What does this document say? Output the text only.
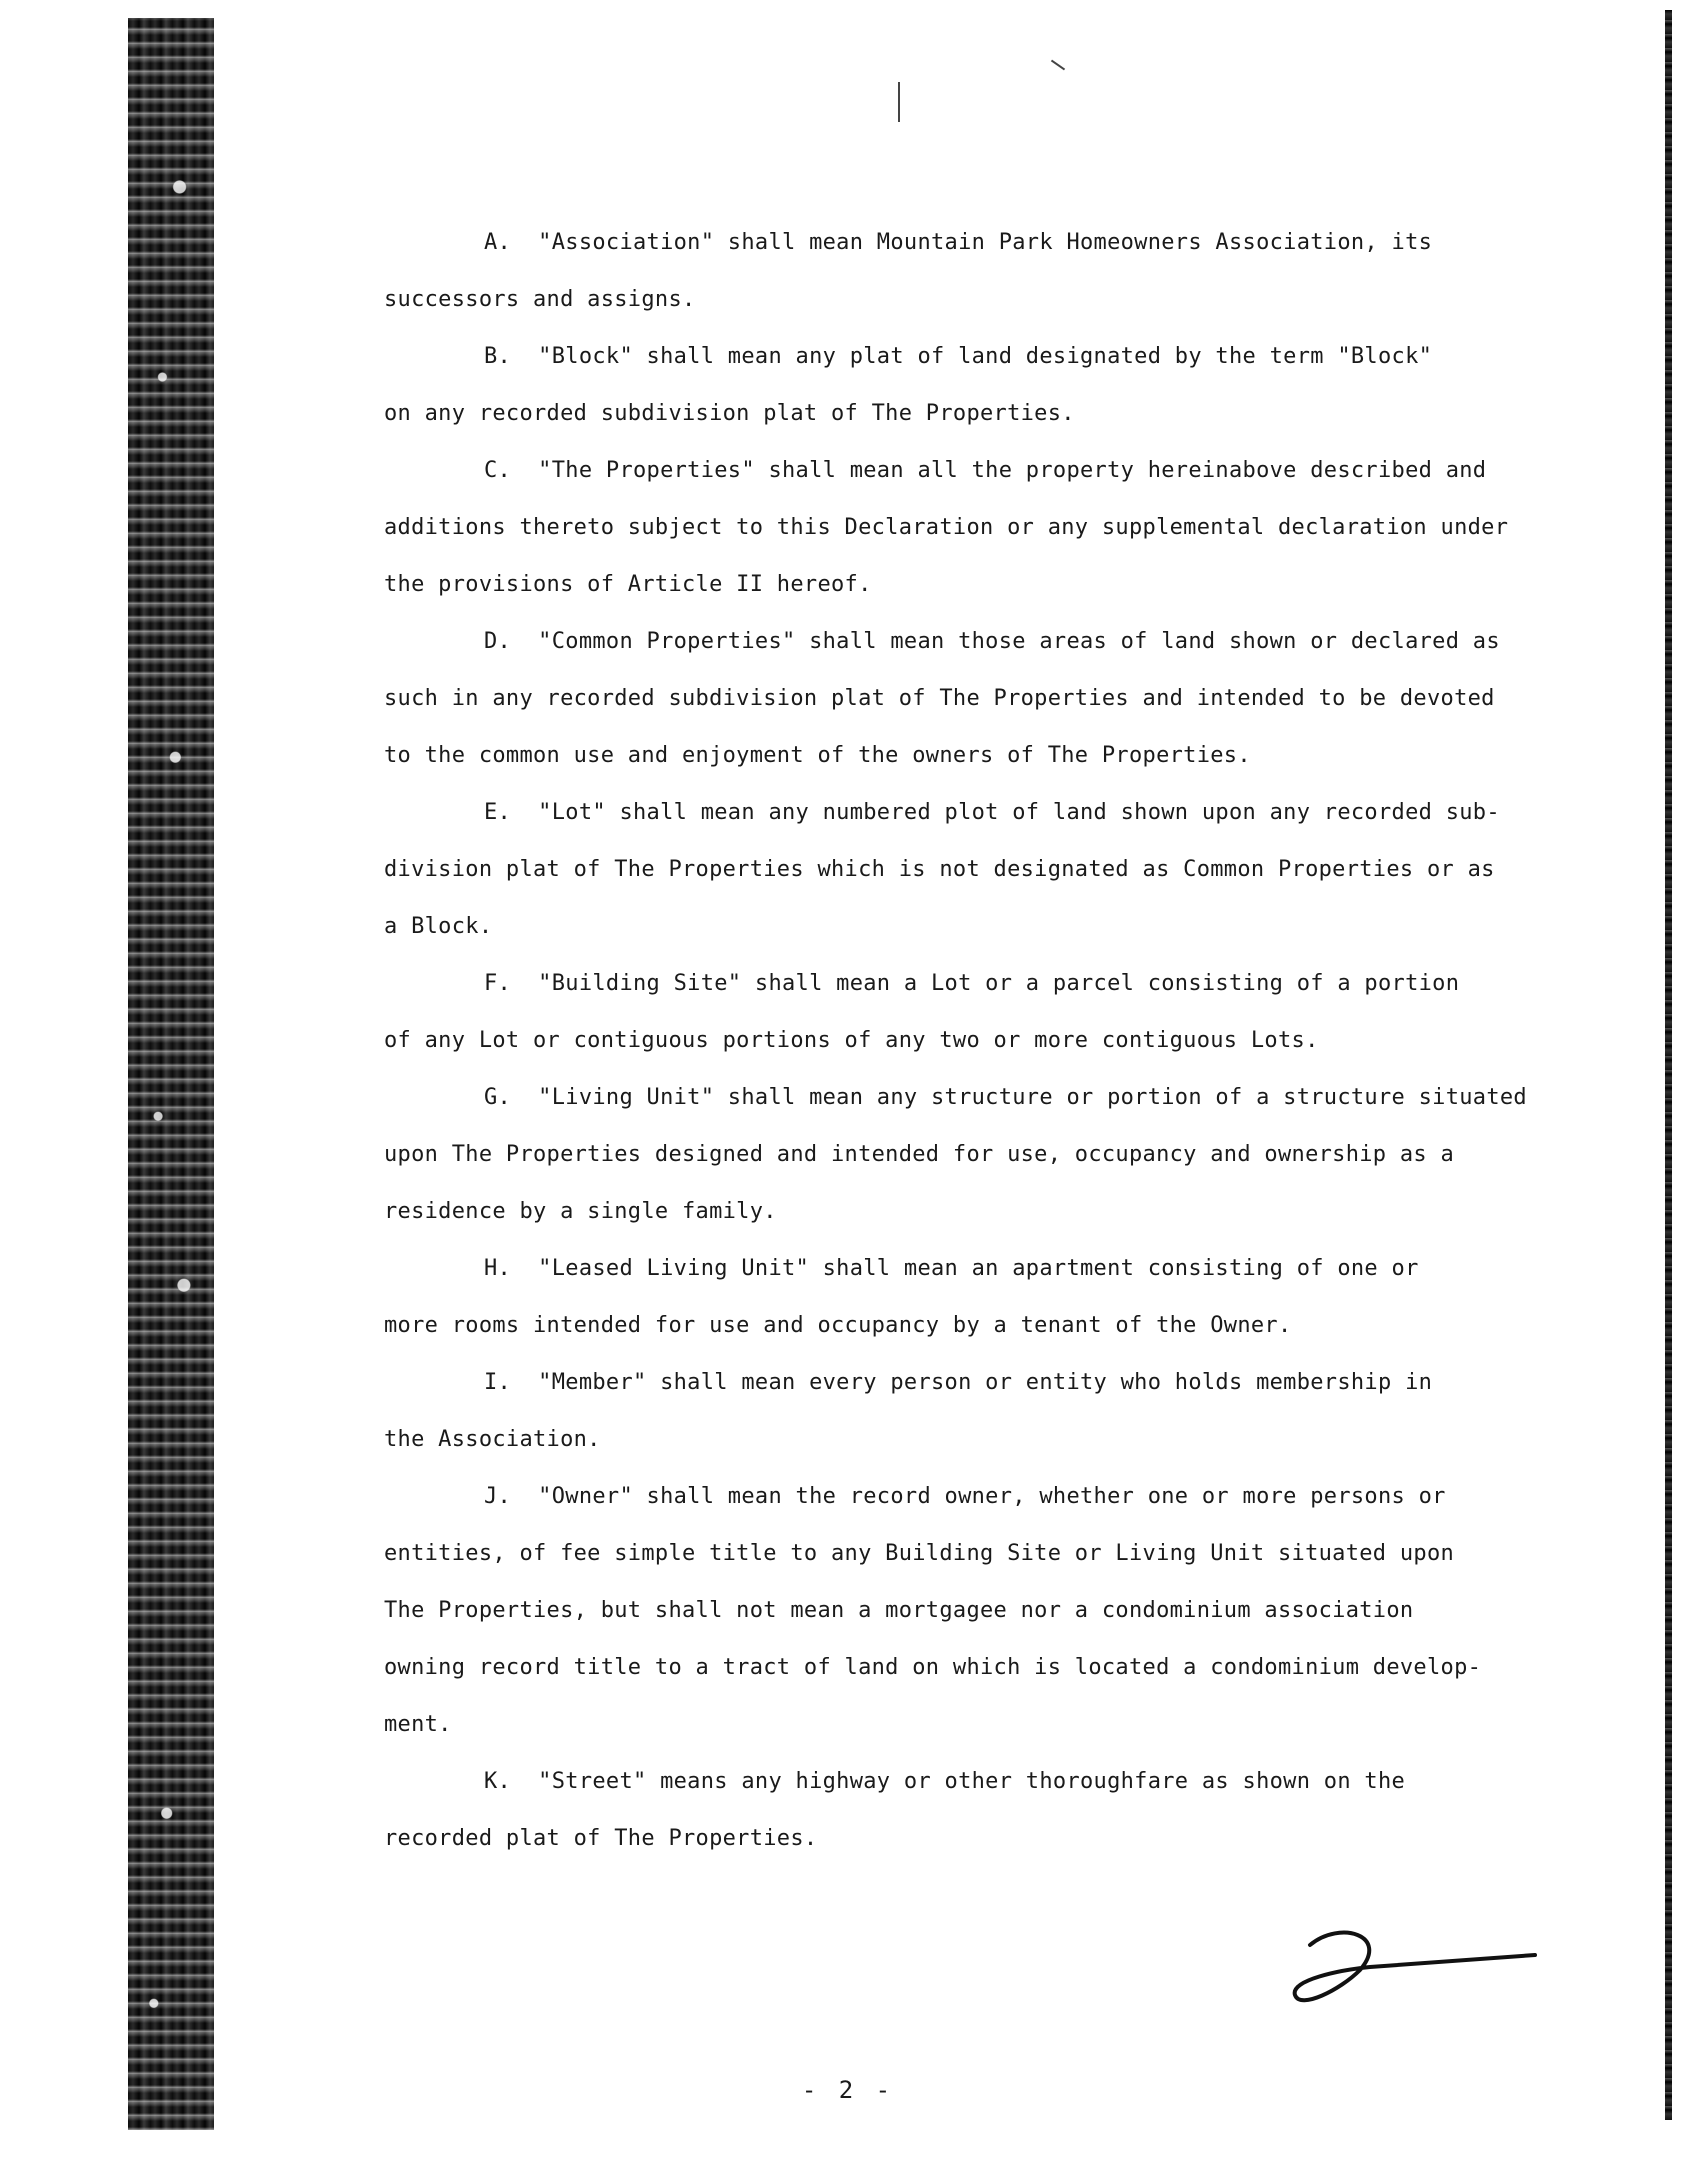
A.  "Association" shall mean Mountain Park Homeowners Association, its
successors and assigns.
B.  "Block" shall mean any plat of land designated by the term "Block"
on any recorded subdivision plat of The Properties.
C.  "The Properties" shall mean all the property hereinabove described and
additions thereto subject to this Declaration or any supplemental declaration under
the provisions of Article II hereof.
D.  "Common Properties" shall mean those areas of land shown or declared as
such in any recorded subdivision plat of The Properties and intended to be devoted
to the common use and enjoyment of the owners of The Properties.
E.  "Lot" shall mean any numbered plot of land shown upon any recorded sub-
division plat of The Properties which is not designated as Common Properties or as
a Block.
F.  "Building Site" shall mean a Lot or a parcel consisting of a portion
of any Lot or contiguous portions of any two or more contiguous Lots.
G.  "Living Unit" shall mean any structure or portion of a structure situated
upon The Properties designed and intended for use, occupancy and ownership as a
residence by a single family.
H.  "Leased Living Unit" shall mean an apartment consisting of one or
more rooms intended for use and occupancy by a tenant of the Owner.
I.  "Member" shall mean every person or entity who holds membership in
the Association.
J.  "Owner" shall mean the record owner, whether one or more persons or
entities, of fee simple title to any Building Site or Living Unit situated upon
The Properties, but shall not mean a mortgagee nor a condominium association
owning record title to a tract of land on which is located a condominium develop-
ment.
K.  "Street" means any highway or other thoroughfare as shown on the
recorded plat of The Properties.
- 2 -
